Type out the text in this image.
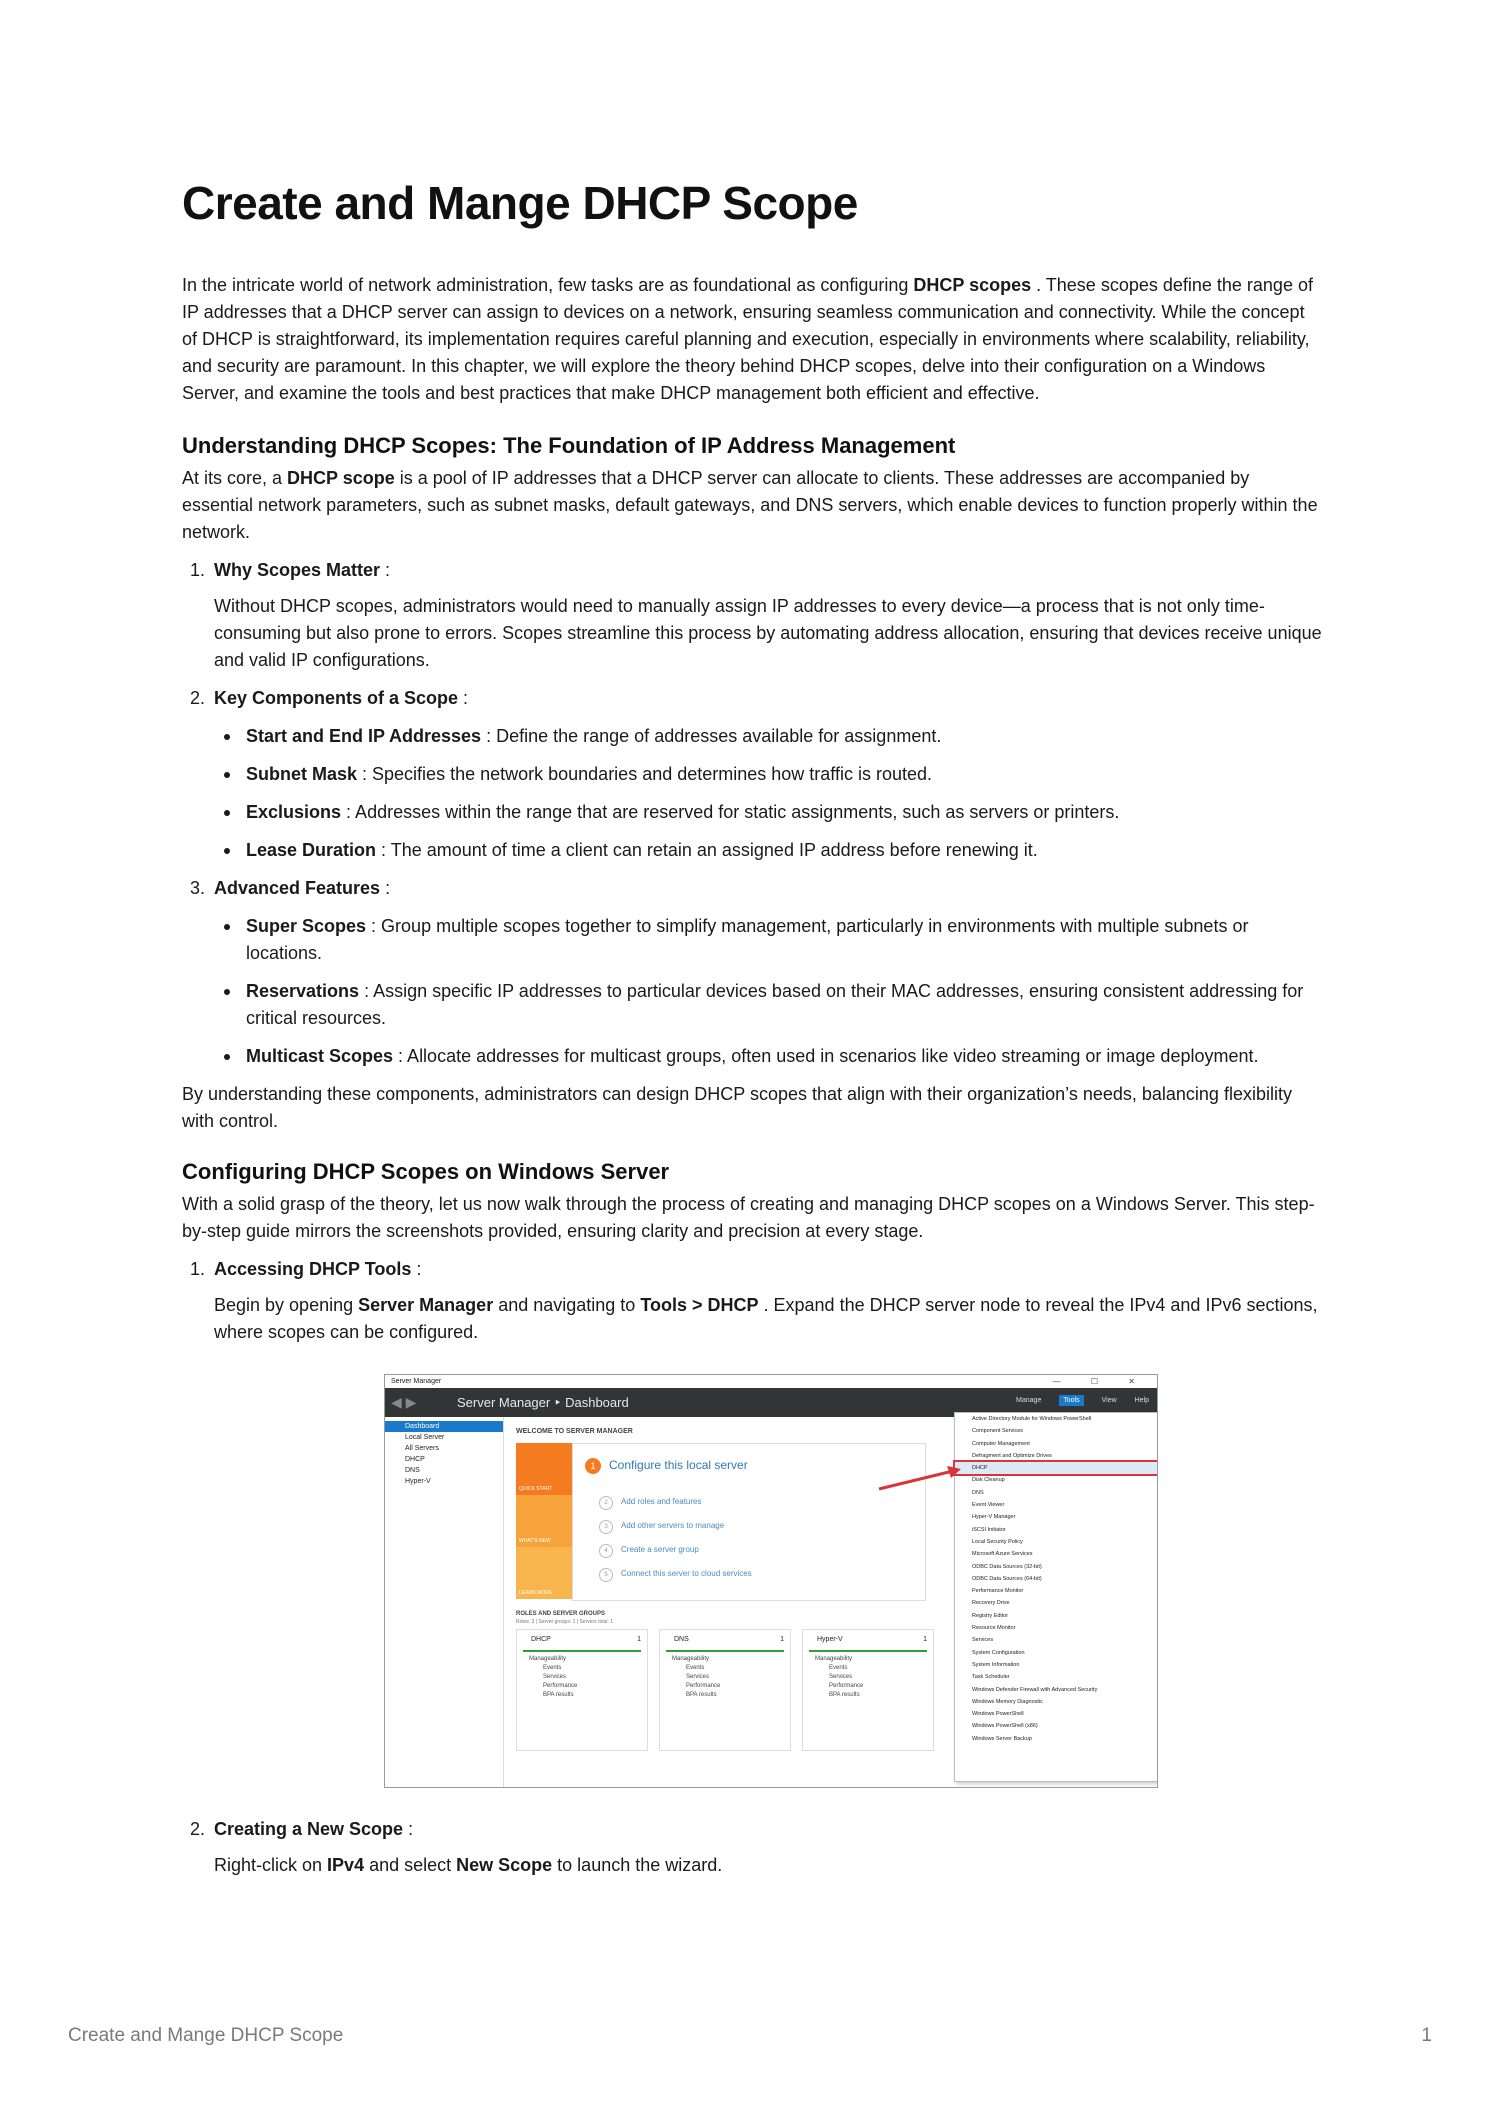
Create and Mange DHCP Scope

In the intricate world of network administration, few tasks are as foundational as configuring DHCP scopes . These scopes define the range of IP addresses that a DHCP server can assign to devices on a network, ensuring seamless communication and connectivity. While the concept of DHCP is straightforward, its implementation requires careful planning and execution, especially in environments where scalability, reliability, and security are paramount. In this chapter, we will explore the theory behind DHCP scopes, delve into their configuration on a Windows Server, and examine the tools and best practices that make DHCP management both efficient and effective.

Understanding DHCP Scopes: The Foundation of IP Address Management

At its core, a DHCP scope is a pool of IP addresses that a DHCP server can allocate to clients. These addresses are accompanied by essential network parameters, such as subnet masks, default gateways, and DNS servers, which enable devices to function properly within the network.

1. Why Scopes Matter :
Without DHCP scopes, administrators would need to manually assign IP addresses to every device—a process that is not only time-consuming but also prone to errors. Scopes streamline this process by automating address allocation, ensuring that devices receive unique and valid IP configurations.
2. Key Components of a Scope :
Start and End IP Addresses : Define the range of addresses available for assignment.
Subnet Mask : Specifies the network boundaries and determines how traffic is routed.
Exclusions : Addresses within the range that are reserved for static assignments, such as servers or printers.
Lease Duration : The amount of time a client can retain an assigned IP address before renewing it.
3. Advanced Features :
Super Scopes : Group multiple scopes together to simplify management, particularly in environments with multiple subnets or locations.
Reservations : Assign specific IP addresses to particular devices based on their MAC addresses, ensuring consistent addressing for critical resources.
Multicast Scopes : Allocate addresses for multicast groups, often used in scenarios like video streaming or image deployment.

By understanding these components, administrators can design DHCP scopes that align with their organization’s needs, balancing flexibility with control.

Configuring DHCP Scopes on Windows Server

With a solid grasp of the theory, let us now walk through the process of creating and managing DHCP scopes on a Windows Server. This step-by-step guide mirrors the screenshots provided, ensuring clarity and precision at every stage.

1. Accessing DHCP Tools :
Begin by opening Server Manager and navigating to Tools > DHCP . Expand the DHCP server node to reveal the IPv4 and IPv6 sections, where scopes can be configured.
Server Manager	— ☐ ✕
◀ ▶	Server Manager ‣ Dashboard	Manage	Tools	View	Help
Dashboard
Local Server
All Servers
DHCP
DNS
Hyper-V
WELCOME TO SERVER MANAGER
QUICK START
WHAT'S NEW
LEARN MORE
1 Configure this local server
2 Add roles and features
3 Add other servers to manage
4 Create a server group
5 Connect this server to cloud services
ROLES AND SERVER GROUPS
Roles: 3 | Server groups: 1 | Servers total: 1
DHCP	1
Manageability
Events
Services
Performance
BPA results
DNS	1
Manageability
Events
Services
Performance
BPA results
Hyper-V	1
Manageability
Events
Services
Performance
BPA results
Active Directory Module for Windows PowerShell
Component Services
Computer Management
Defragment and Optimize Drives
DHCP
Disk Cleanup
DNS
Event Viewer
Hyper-V Manager
iSCSI Initiator
Local Security Policy
Microsoft Azure Services
ODBC Data Sources (32-bit)
ODBC Data Sources (64-bit)
Performance Monitor
Recovery Drive
Registry Editor
Resource Monitor
Services
System Configuration
System Information
Task Scheduler
Windows Defender Firewall with Advanced Security
Windows Memory Diagnostic
Windows PowerShell
Windows PowerShell (x86)
Windows Server Backup
2. Creating a New Scope :
Right-click on IPv4 and select New Scope to launch the wizard.
Create and Mange DHCP Scope	1
